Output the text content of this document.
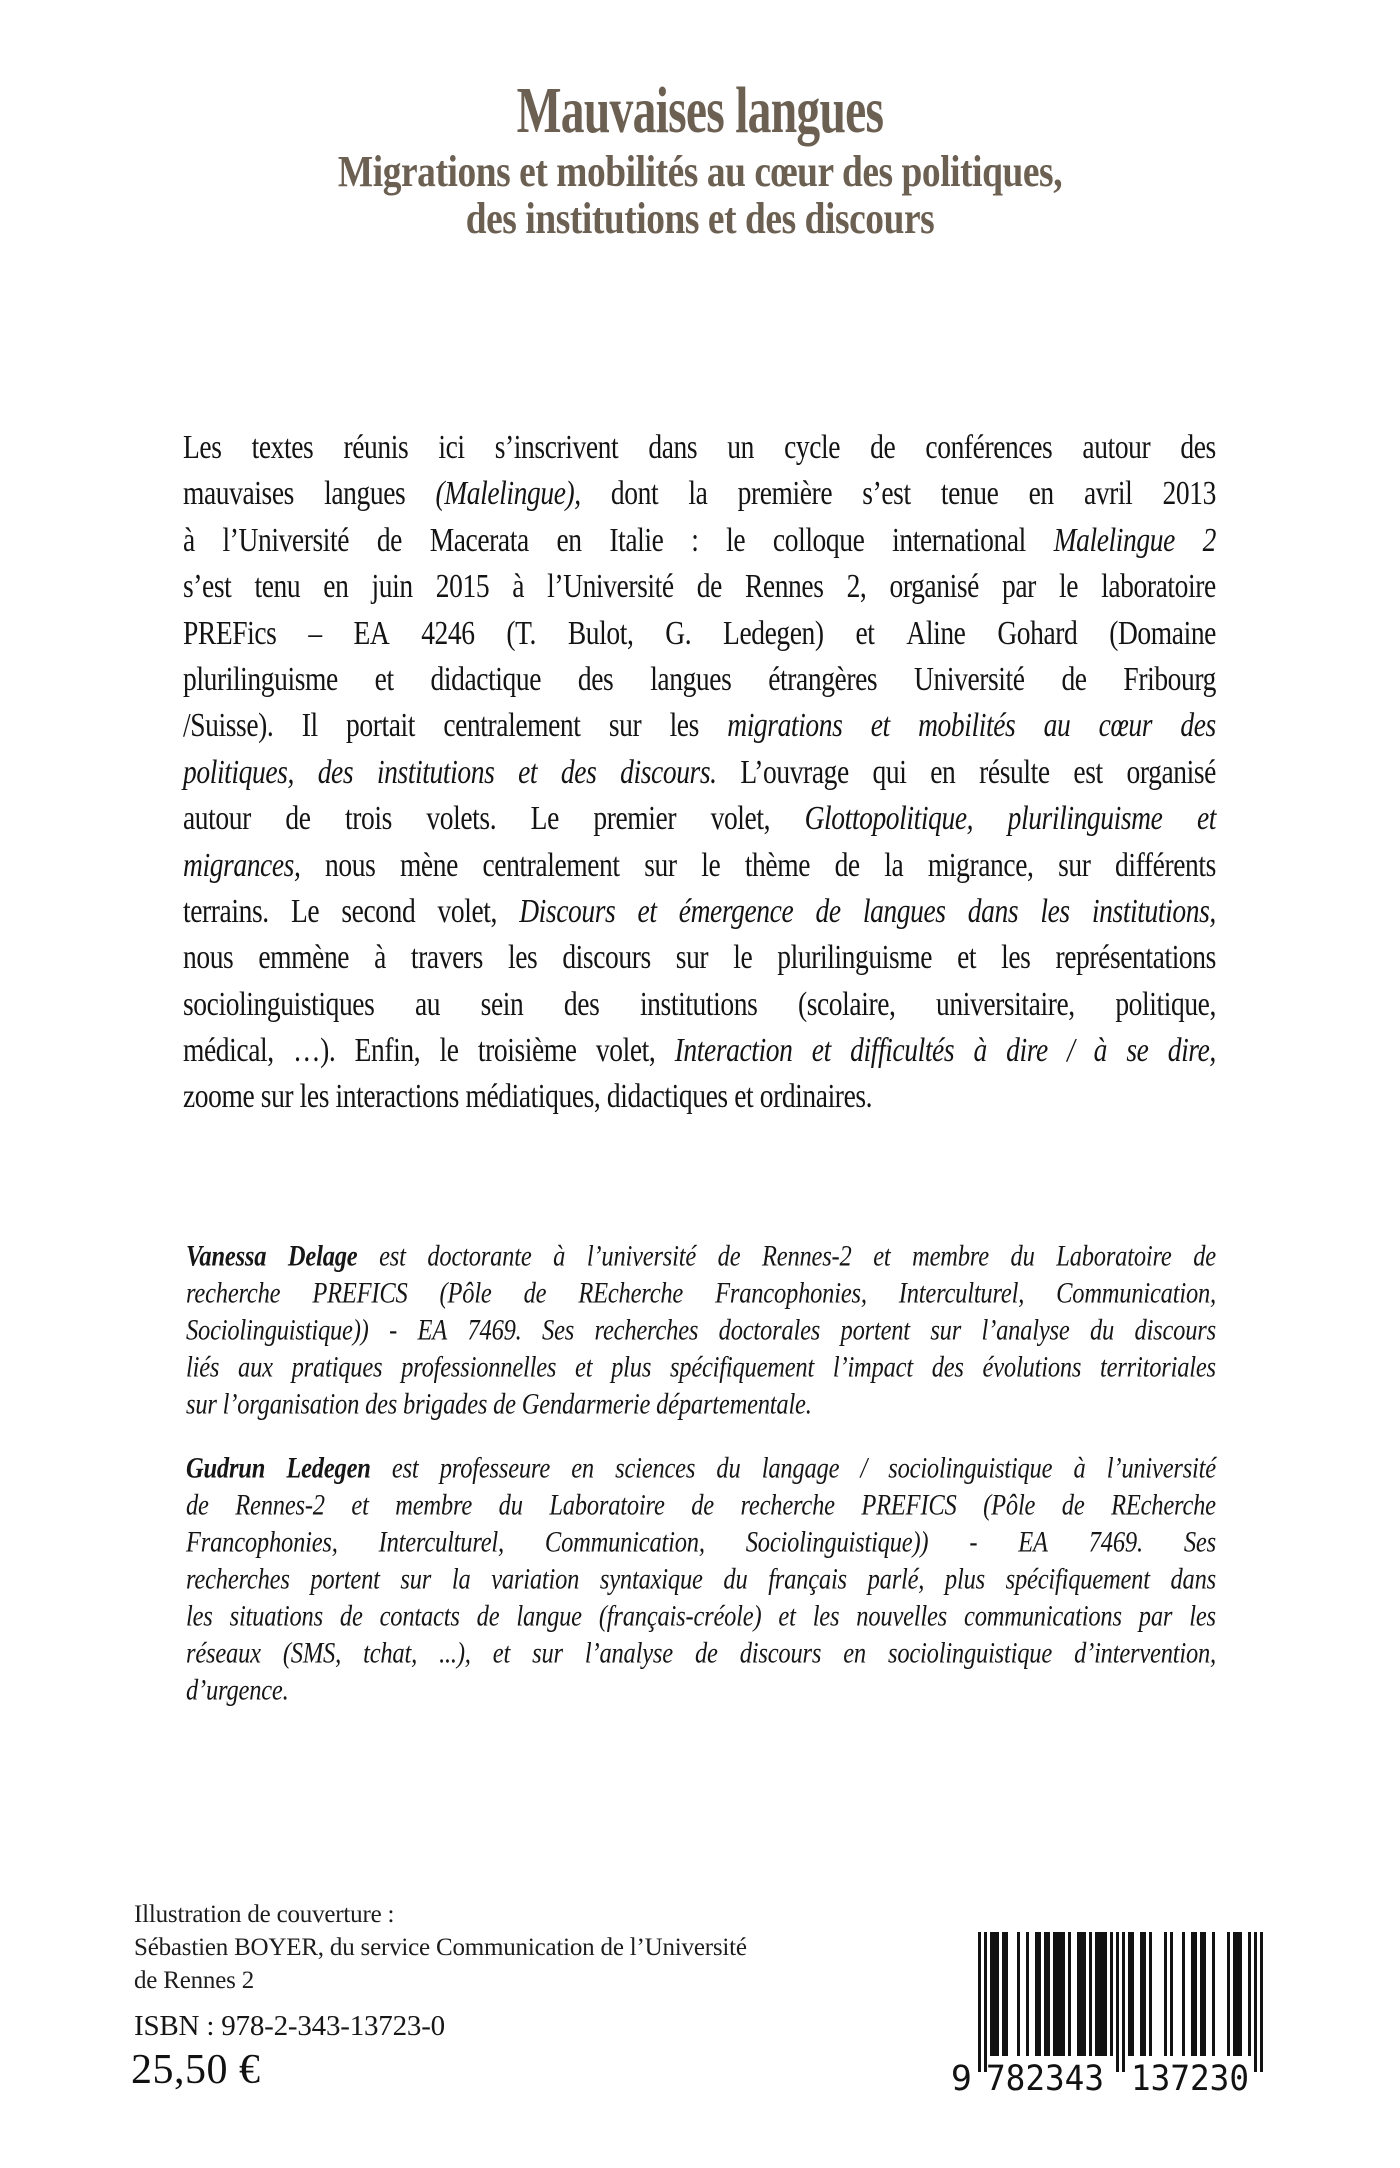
Mauvaises langues
Migrations et mobilités au cœur des politiques,
des institutions et des discours
Les textes réunis ici s’inscrivent dans un cycle de conférences autour des
mauvaises langues (Malelingue), dont la première s’est tenue en avril 2013
à l’Université de Macerata en Italie : le colloque international Malelingue 2
s’est tenu en juin 2015 à l’Université de Rennes 2, organisé par le laboratoire
PREFics – EA 4246 (T. Bulot, G. Ledegen) et Aline Gohard (Domaine
plurilinguisme et didactique des langues étrangères Université de Fribourg
/Suisse). Il portait centralement sur les migrations et mobilités au cœur des
politiques, des institutions et des discours. L’ouvrage qui en résulte est organisé
autour de trois volets. Le premier volet, Glottopolitique, plurilinguisme et
migrances, nous mène centralement sur le thème de la migrance, sur différents
terrains. Le second volet, Discours et émergence de langues dans les institutions,
nous emmène à travers les discours sur le plurilinguisme et les représentations
sociolinguistiques au sein des institutions (scolaire, universitaire, politique,
médical, …). Enfin, le troisième volet, Interaction et difficultés à dire / à se dire,
zoome sur les interactions médiatiques, didactiques et ordinaires.
Vanessa Delage est doctorante à l’université de Rennes-2 et membre du Laboratoire de
recherche PREFICS (Pôle de REcherche Francophonies, Interculturel, Communication,
Sociolinguistique)) - EA 7469. Ses recherches doctorales portent sur l’analyse du discours
liés aux pratiques professionnelles et plus spécifiquement l’impact des évolutions territoriales
sur l’organisation des brigades de Gendarmerie départementale.
Gudrun Ledegen est professeure en sciences du langage / sociolinguistique à l’université
de Rennes-2 et membre du Laboratoire de recherche PREFICS (Pôle de REcherche
Francophonies, Interculturel, Communication, Sociolinguistique)) - EA 7469. Ses
recherches portent sur la variation syntaxique du français parlé, plus spécifiquement dans
les situations de contacts de langue (français-créole) et les nouvelles communications par les
réseaux (SMS, tchat, ...), et sur l’analyse de discours en sociolinguistique d’intervention,
d’urgence.
Illustration de couverture :
Sébastien BOYER, du service Communication de l’Université
de Rennes 2
ISBN : 978-2-343-13723-0
25,50 €	9 782343 137230
